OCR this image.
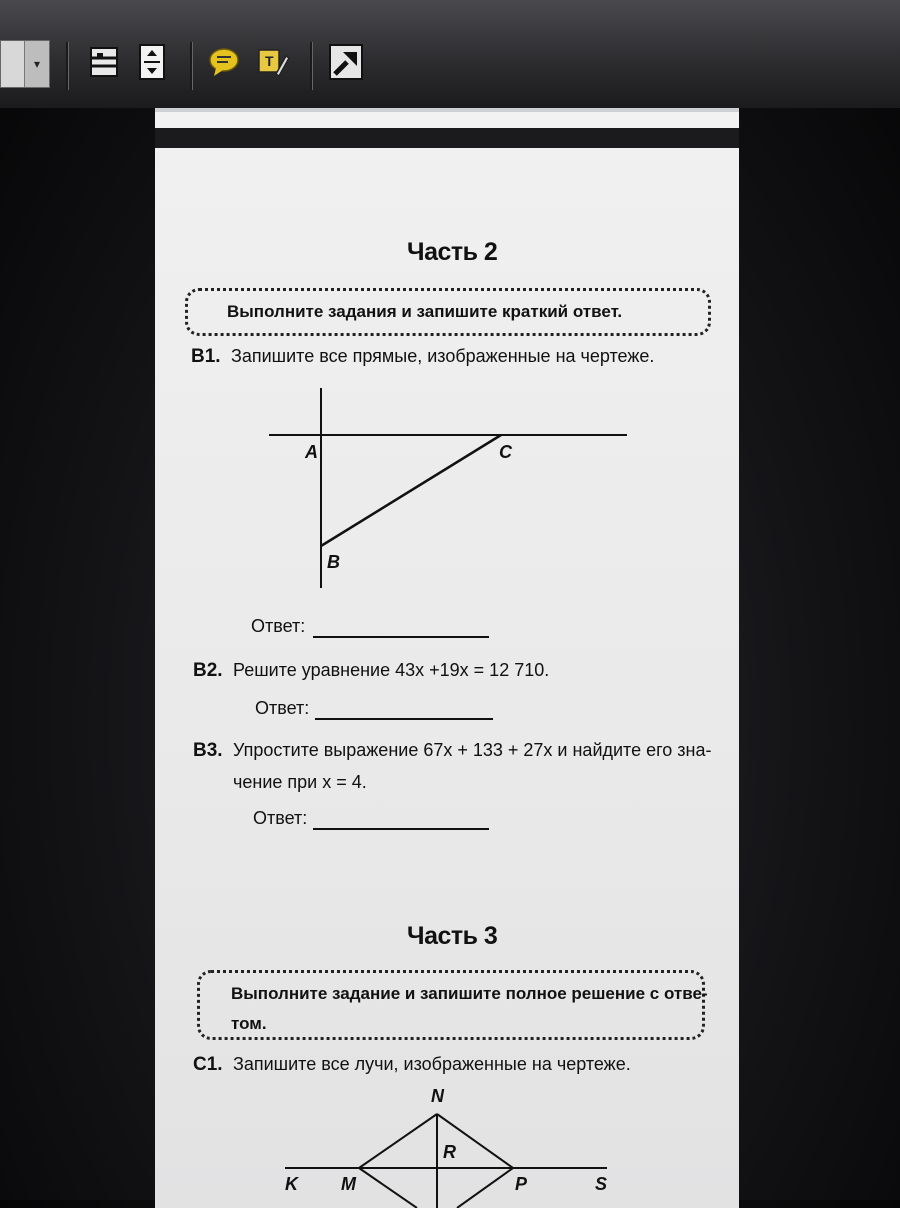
▾	T
Часть 2
Выполните задания и запишите краткий ответ.
В1. Запишите все прямые, изображенные на чертеже.
A	C
B
Ответ:
В2. Решите уравнение 43x +19x = 12 710.
Ответ:
В3. Упростите выражение 67x + 133 + 27x и найдите его зна-
чение при x = 4.
Ответ:
Часть 3
Выполните задание и запишите полное решение с отве-
том.
С1. Запишите все лучи, изображенные на чертеже.
N
R
K M	P	S
